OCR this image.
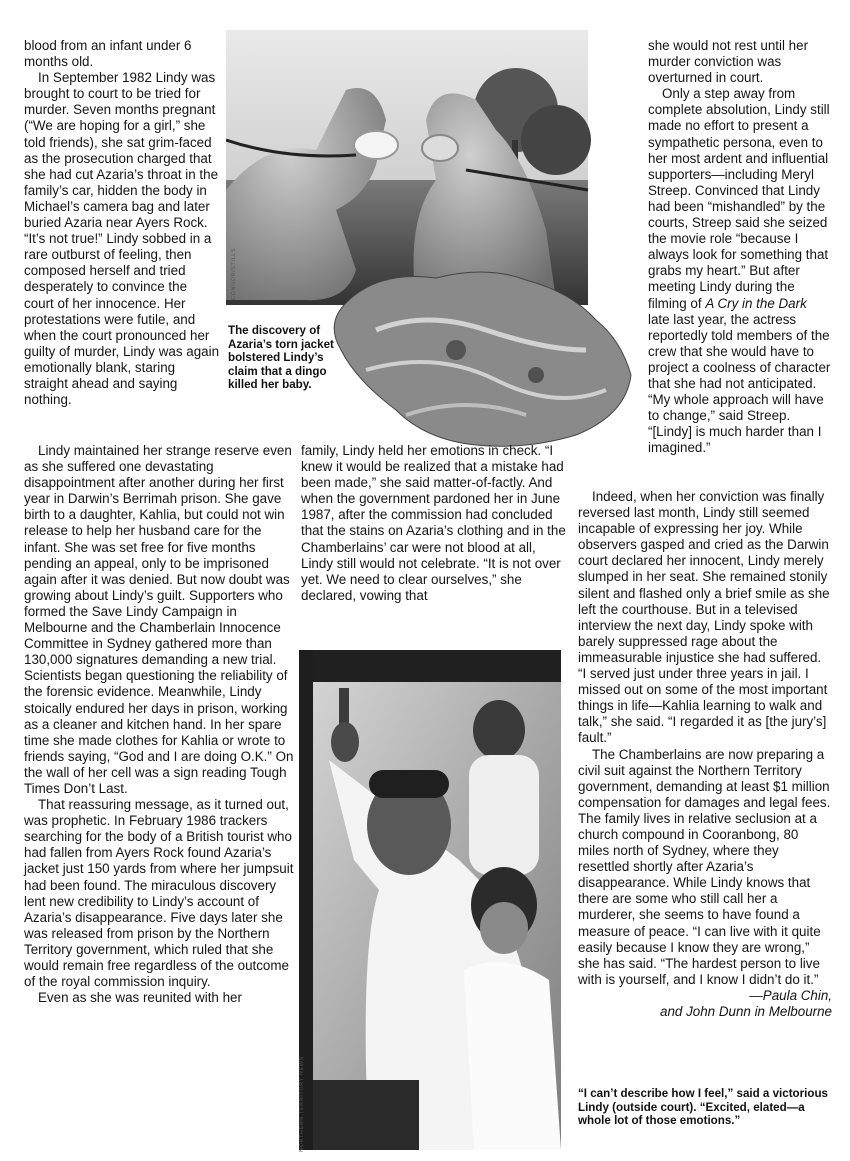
blood from an infant under 6 months old.

In September 1982 Lindy was brought to court to be tried for murder. Seven months pregnant (“We are hoping for a girl,” she told friends), she sat grim-faced as the prosecution charged that she had cut Azaria’s throat in the family’s car, hidden the body in Michael’s camera bag and later buried Azaria near Ayers Rock. “It’s not true!” Lindy sobbed in a rare outburst of feeling, then composed herself and tried desperately to convince the court of her innocence. Her protestations were futile, and when the court pronounced her guilty of murder, Lindy was again emotionally blank, staring straight ahead and saying nothing.

Lindy maintained her strange reserve even as she suffered one devastating disappointment after another during her first year in Darwin’s Berrimah prison. She gave birth to a daughter, Kahlia, but could not win release to help her husband care for the infant. She was set free for five months pending an appeal, only to be imprisoned again after it was denied. But now doubt was growing about Lindy’s guilt. Supporters who formed the Save Lindy Campaign in Melbourne and the Chamberlain Innocence Committee in Sydney gathered more than 130,000 signatures demanding a new trial. Scientists began questioning the reliability of the forensic evidence. Meanwhile, Lindy stoically endured her days in prison, working as a cleaner and kitchen hand. In her spare time she made clothes for Kahlia or wrote to friends saying, “God and I are doing O.K.” On the wall of her cell was a sign reading Tough Times Don’t Last.

That reassuring message, as it turned out, was prophetic. In February 1986 trackers searching for the body of a British tourist who had fallen from Ayers Rock found Azaria’s jacket just 150 yards from where her jumpsuit had been found. The miraculous discovery lent new credibility to Lindy’s account of Azaria’s disappearance. Five days later she was released from prison by the Northern Territory government, which ruled that she would remain free regardless of the outcome of the royal commission inquiry.

Even as she was reunited with her

CONNOR/STILLS
The discovery of Azaria’s torn jacket bolstered Lindy’s claim that a dingo killed her baby.

family, Lindy held her emotions in check. “I knew it would be realized that a mistake had been made,” she said matter-of-factly. And when the government pardoned her in June 1987, after the commission had concluded that the stains on Azaria’s clothing and in the Chamberlains’ car were not blood at all, Lindy still would not celebrate. “It is not over yet. We need to clear ourselves,” she declared, vowing that

NORTHERN TERRITORY NEWS

she would not rest until her murder conviction was overturned in court.

Only a step away from complete absolution, Lindy still made no effort to present a sympathetic persona, even to her most ardent and influential supporters—including Meryl Streep. Convinced that Lindy had been “mishandled” by the courts, Streep said she seized the movie role “because I always look for something that grabs my heart.” But after meeting Lindy during the filming of A Cry in the Dark late last year, the actress reportedly told members of the crew that she would have to project a coolness of character that she had not anticipated. “My whole approach will have to change,” said Streep. “[Lindy] is much harder than I imagined.”

Indeed, when her conviction was finally reversed last month, Lindy still seemed incapable of expressing her joy. While observers gasped and cried as the Darwin court declared her innocent, Lindy merely slumped in her seat. She remained stonily silent and flashed only a brief smile as she left the courthouse. But in a televised interview the next day, Lindy spoke with barely suppressed rage about the immeasurable injustice she had suffered. “I served just under three years in jail. I missed out on some of the most important things in life—Kahlia learning to walk and talk,” she said. “I regarded it as [the jury’s] fault.”

The Chamberlains are now preparing a civil suit against the Northern Territory government, demanding at least $1 million compensation for damages and legal fees. The family lives in relative seclusion at a church compound in Cooranbong, 80 miles north of Sydney, where they resettled shortly after Azaria’s disappearance. While Lindy knows that there are some who still call her a murderer, she seems to have found a measure of peace. “I can live with it quite easily because I know they are wrong,” she has said. “The hardest person to live with is yourself, and I know I didn’t do it.”

—Paula Chin,

and John Dunn in Melbourne

“I can’t describe how I feel,” said a victorious Lindy (outside court). “Excited, elated—a whole lot of those emotions.”
